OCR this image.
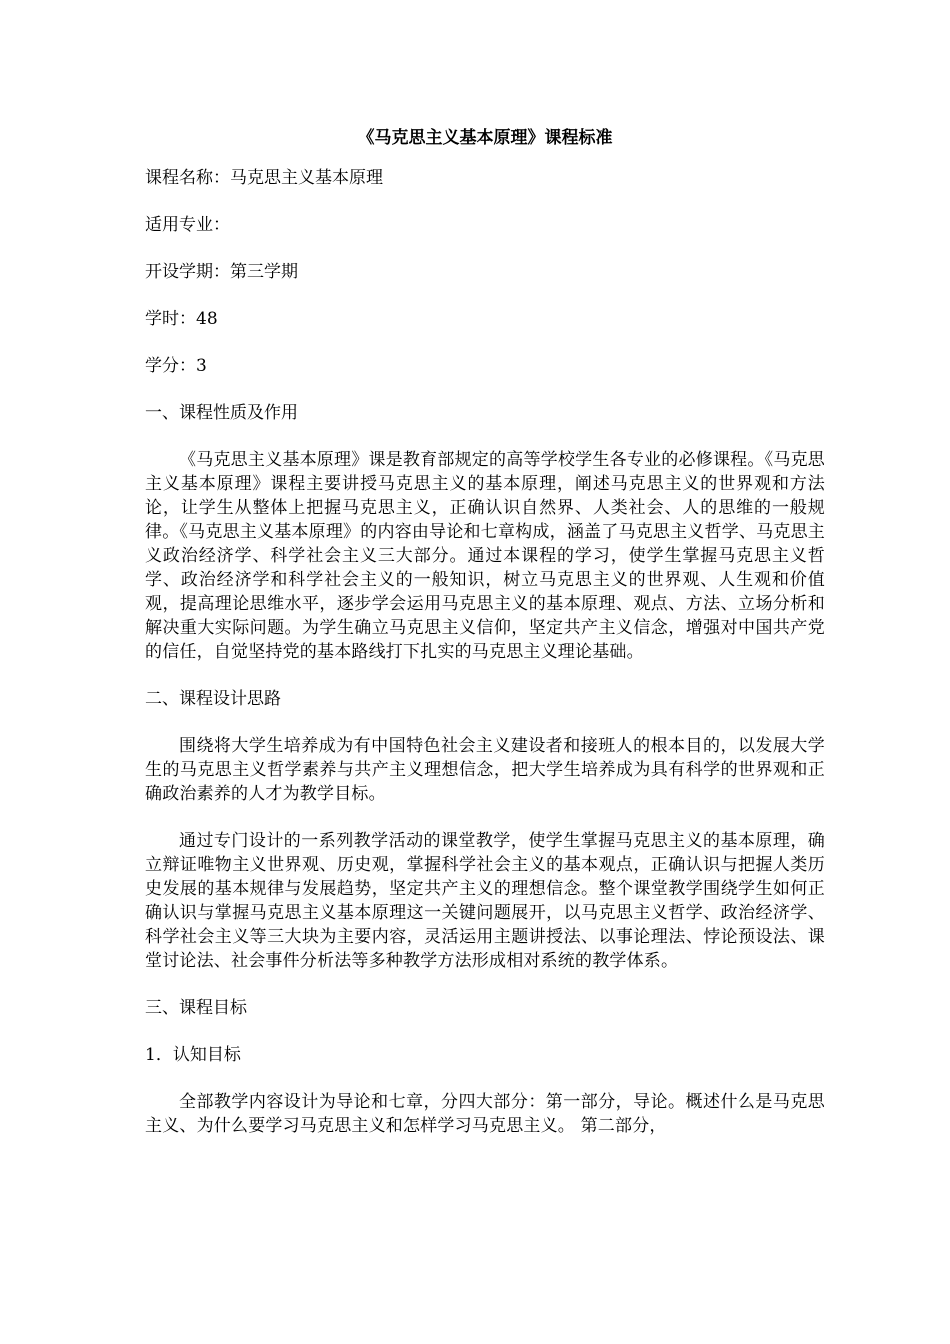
《马克思主义基本原理》课程标准
课程名称：马克思主义基本原理
适用专业：
开设学期：第三学期
学时：48
学分：3
一、课程性质及作用
《马克思主义基本原理》课是教育部规定的高等学校学生各专业的必修课程。《马克思主义基本原理》课程主要讲授马克思主义的基本原理，阐述马克思主义的世界观和方法论，让学生从整体上把握马克思主义，正确认识自然界、人类社会、人的思维的一般规律。《马克思主义基本原理》的内容由导论和七章构成，涵盖了马克思主义哲学、马克思主义政治经济学、科学社会主义三大部分。通过本课程的学习，使学生掌握马克思主义哲学、政治经济学和科学社会主义的一般知识，树立马克思主义的世界观、人生观和价值观，提高理论思维水平，逐步学会运用马克思主义的基本原理、观点、方法、立场分析和解决重大实际问题。为学生确立马克思主义信仰，坚定共产主义信念，增强对中国共产党的信任，自觉坚持党的基本路线打下扎实的马克思主义理论基础。
二、课程设计思路
围绕将大学生培养成为有中国特色社会主义建设者和接班人的根本目的，以发展大学生的马克思主义哲学素养与共产主义理想信念，把大学生培养成为具有科学的世界观和正确政治素养的人才为教学目标。
通过专门设计的一系列教学活动的课堂教学，使学生掌握马克思主义的基本原理，确立辩证唯物主义世界观、历史观，掌握科学社会主义的基本观点，正确认识与把握人类历史发展的基本规律与发展趋势，坚定共产主义的理想信念。整个课堂教学围绕学生如何正确认识与掌握马克思主义基本原理这一关键问题展开，以马克思主义哲学、政治经济学、科学社会主义等三大块为主要内容，灵活运用主题讲授法、以事论理法、悖论预设法、课堂讨论法、社会事件分析法等多种教学方法形成相对系统的教学体系。
三、课程目标
1．认知目标
全部教学内容设计为导论和七章，分四大部分：第一部分，导论。概述什么是马克思主义、为什么要学习马克思主义和怎样学习马克思主义。 第二部分，
